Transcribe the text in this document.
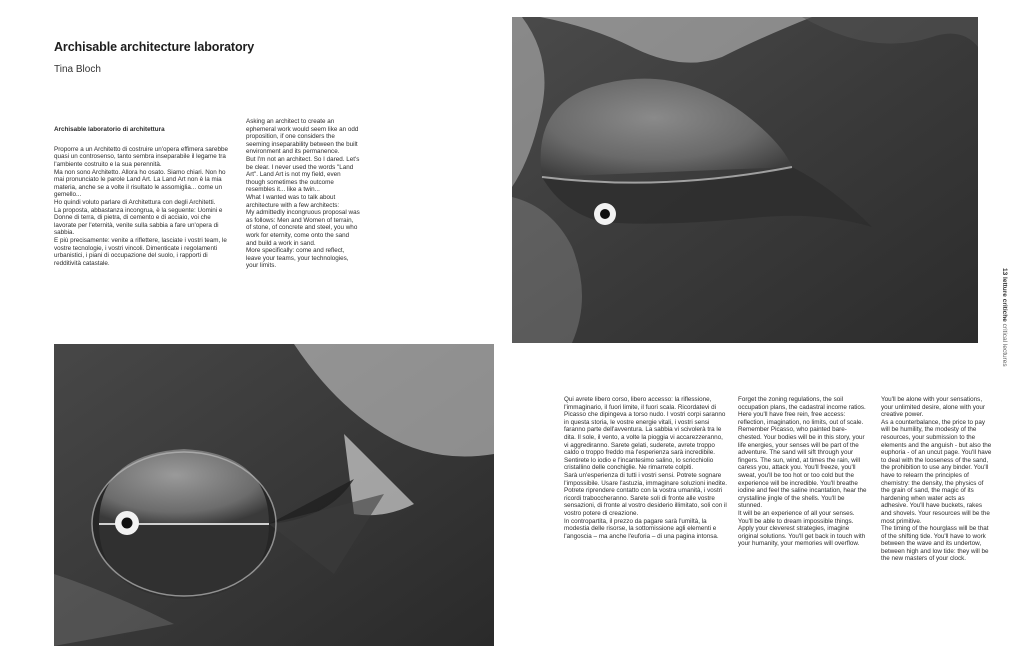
Archisable architecture laboratory
Tina Bloch

Archisable laboratorio di architettura

Proporre a un Architetto di costruire un'opera effimera sarebbe quasi un controsenso, tanto sembra inseparabile il legame tra l'ambiente costruito e la sua perennità.
Ma non sono Architetto. Allora ho osato. Siamo chiari. Non ho mai pronunciato le parole Land Art. La Land Art non è la mia materia, anche se a volte il risultato le assomiglia... come un gemello...
Ho quindi voluto parlare di Architettura con degli Architetti.
La proposta, abbastanza incongrua, è la seguente: Uomini e Donne di terra, di pietra, di cemento e di acciaio, voi che lavorate per l'eternità, venite sulla sabbia a fare un'opera di sabbia.
E più precisamente: venite a riflettere, lasciate i vostri team, le vostre tecnologie, i vostri vincoli. Dimenticate i regolamenti urbanistici, i piani di occupazione del suolo, i rapporti di redditività catastale.

Asking an architect to create an ephemeral work would seem like an odd proposition, if one considers the seeming inseparability between the built environment and its permanence.
But I'm not an architect. So I dared. Let's be clear. I never used the words "Land Art". Land Art is not my field, even though sometimes the outcome resembles it... like a twin...
What I wanted was to talk about architecture with a few architects:
My admittedly incongruous proposal was as follows: Men and Women of terrain, of stone, of concrete and steel, you who work for eternity, come onto the sand and build a work in sand.
More specifically: come and reflect, leave your teams, your technologies, your limits.
Qui avrete libero corso, libero accesso: la riflessione, l'immaginario, il fuori limite, il fuori scala. Ricordatevi di Picasso che dipingeva a torso nudo. I vostri corpi saranno in questa storia, le vostre energie vitali, i vostri sensi faranno parte dell'avventura. La sabbia vi scivolerà tra le dita. Il sole, il vento, a volte la pioggia vi accarezzeranno, vi aggrediranno. Sarete gelati, suderete, avrete troppo caldo o troppo freddo ma l'esperienza sarà incredibile. Sentirete lo iodio e l'incantesimo salino, lo scricchiolio cristallino delle conchiglie. Ne rimarrete colpiti.
Sarà un'esperienza di tutti i vostri sensi. Potrete sognare l'impossibile. Usare l'astuzia, immaginare soluzioni inedite. Potrete riprendere contatto con la vostra umanità, i vostri ricordi traboccheranno. Sarete soli di fronte alle vostre sensazioni, di fronte al vostro desiderio illimitato, soli con il vostro potere di creazione.
In contropartita, il prezzo da pagare sarà l'umiltà, la modestia delle risorse, la sottomissione agli elementi e l'angoscia – ma anche l'euforia – di una pagina intonsa.
Forget the zoning regulations, the soil occupation plans, the cadastral income ratios.
Here you'll have free rein, free access: reflection, imagination, no limits, out of scale.
Remember Picasso, who painted bare-chested. Your bodies will be in this story, your life energies, your senses will be part of the adventure. The sand will sift through your fingers. The sun, wind, at times the rain, will caress you, attack you. You'll freeze, you'll sweat, you'll be too hot or too cold but the experience will be incredible. You'll breathe iodine and feel the saline incantation, hear the crystalline jingle of the shells. You'll be stunned.
It will be an experience of all your senses. You'll be able to dream impossible things. Apply your cleverest strategies, imagine original solutions. You'll get back in touch with your humanity, your memories will overflow.
You'll be alone with your sensations, your unlimited desire, alone with your creative power.
As a counterbalance, the price to pay will be humility, the modesty of the resources, your submission to the elements and the anguish - but also the euphoria - of an uncut page. You'll have to deal with the looseness of the sand, the prohibition to use any binder. You'll have to relearn the principles of chemistry: the density, the physics of the grain of sand, the magic of its hardening when water acts as adhesive. You'll have buckets, rakes and shovels. Your resources will be the most primitive.
The timing of the hourglass will be that of the shifting tide. You'll have to work between the wave and its undertow, between high and low tide: they will be the new masters of your clock.
13 letture critiche critical lectures
